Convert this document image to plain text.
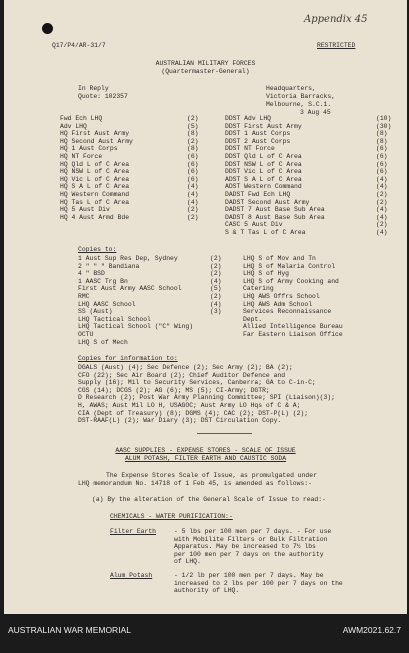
Appendix 45
Q17/P4/AR-31/7	RESTRICTED
AUSTRALIAN MILITARY FORCES
(Quartermaster-General)
In Reply
Quote: 102357
Headquarters,
Victoria Barracks,
Melbourne, S.C.1.
3 Aug 45
Fwd Ech LHQ	(2)
Adv LHQ	(5)
HQ First Aust Army	(8)
HQ Second Aust Army	(2)
HQ 1 Aust Corps	(8)
HQ NT Force	(6)
HQ Qld L of C Area	(6)
HQ NSW L of C Area	(6)
HQ Vic L of C Area	(6)
HQ S A L of C Area	(4)
HQ Western Command	(4)
HQ Tas L of C Area	(4)
HQ 5 Aust Div	(2)
HQ 4 Aust Armd Bde	(2)
DDST Adv LHQ	(10)
DDST First Aust Army	(30)
DDST 1 Aust Corps	(8)
DDST 2 Aust Corps	(8)
DDST NT Force	(6)
DDST Qld L of C Area	(6)
DDST NSW L of C Area	(6)
DDST Vic L of C Area	(6)
ADST S A L of C Area	(4)
ADST Western Command	(4)
DADST Fwd Ech LHQ	(2)
DADST Second Aust Army	(2)
DADST 7 Aust Base Sub Area	(4)
DADST 8 Aust Base Sub Area	(4)
CASC 5 Aust Div	(2)
S & T Tas L of C Area	(4)
Copies to:
1 Aust Sup Res Dep, Sydney	(2)
2 " " " Bandiana	(2)
4 " BSD	(2)
1 AASC Trg Bn	(4)
First Aust Army AASC School	(5)
RMC	(2)
LHQ AASC School	(4)
SS (Aust)	(3)
LHQ Tactical School
LHQ Tactical School ("C" Wing)
OCTU
LHQ S of Mech
LHQ S of Mov and Tn
LHQ S of Malaria Control
LHQ S of Hyg
LHQ S of Army Cooking and
Catering
LHQ AWS Offrs School
LHQ AWS Adm School
Services Reconnaissance
Dept.
Allied Intelligence Bureau
Far Eastern Liaison Office
Copies for information to:
DGALS (Aust) (4); Sec Defence (2); Sec Army (2); BA (2);
CFO (22); Sec Air Board (2); Chief Auditor Defence and
Supply (16); Mil to Security Services, Canberra; GA to C-in-C;
CGS (14); DCGS (2); AG (6); MS (5); CI-Army; DGTR;
D Research (2); Post War Army Planning Committee; SPI (Liaison)(3);
H, AWAS; Aust Mil LO H, USAGOC; Aust Army LO Hqs of C & A;
CIA (Dept of Treasury) (8); DGMS (4); CAC (2); DST-P(L) (2);
DST-RAAF(L) (2); War Diary (3); DST Circulation Copy.
AASC SUPPLIES - EXPENSE STORES - SCALE OF ISSUE
ALUM POTASH, FILTER EARTH AND CAUSTIC SODA
The Expense Stores Scale of Issue, as promulgated under
LHQ memorandum No. 14718 of 1 Feb 45, is amended as follows:-
(a) By the alteration of the General Scale of Issue to read:-
CHEMICALS - WATER PURIFICATION:-
Filter Earth	- 5 lbs per 100 men per 7 days. - For use
with Mobilite Filters or Bulk Filtration
Apparatus. May be increased to 7½ lbs
per 100 men per 7 days on the authority
of LHQ.
Alum Potash	- 1/2 lb per 100 men per 7 days. May be
increased to 2 lbs per 100 per 7 days on the
authority of LHQ.
AUSTRALIAN WAR MEMORIAL	AWM2021.62.7
